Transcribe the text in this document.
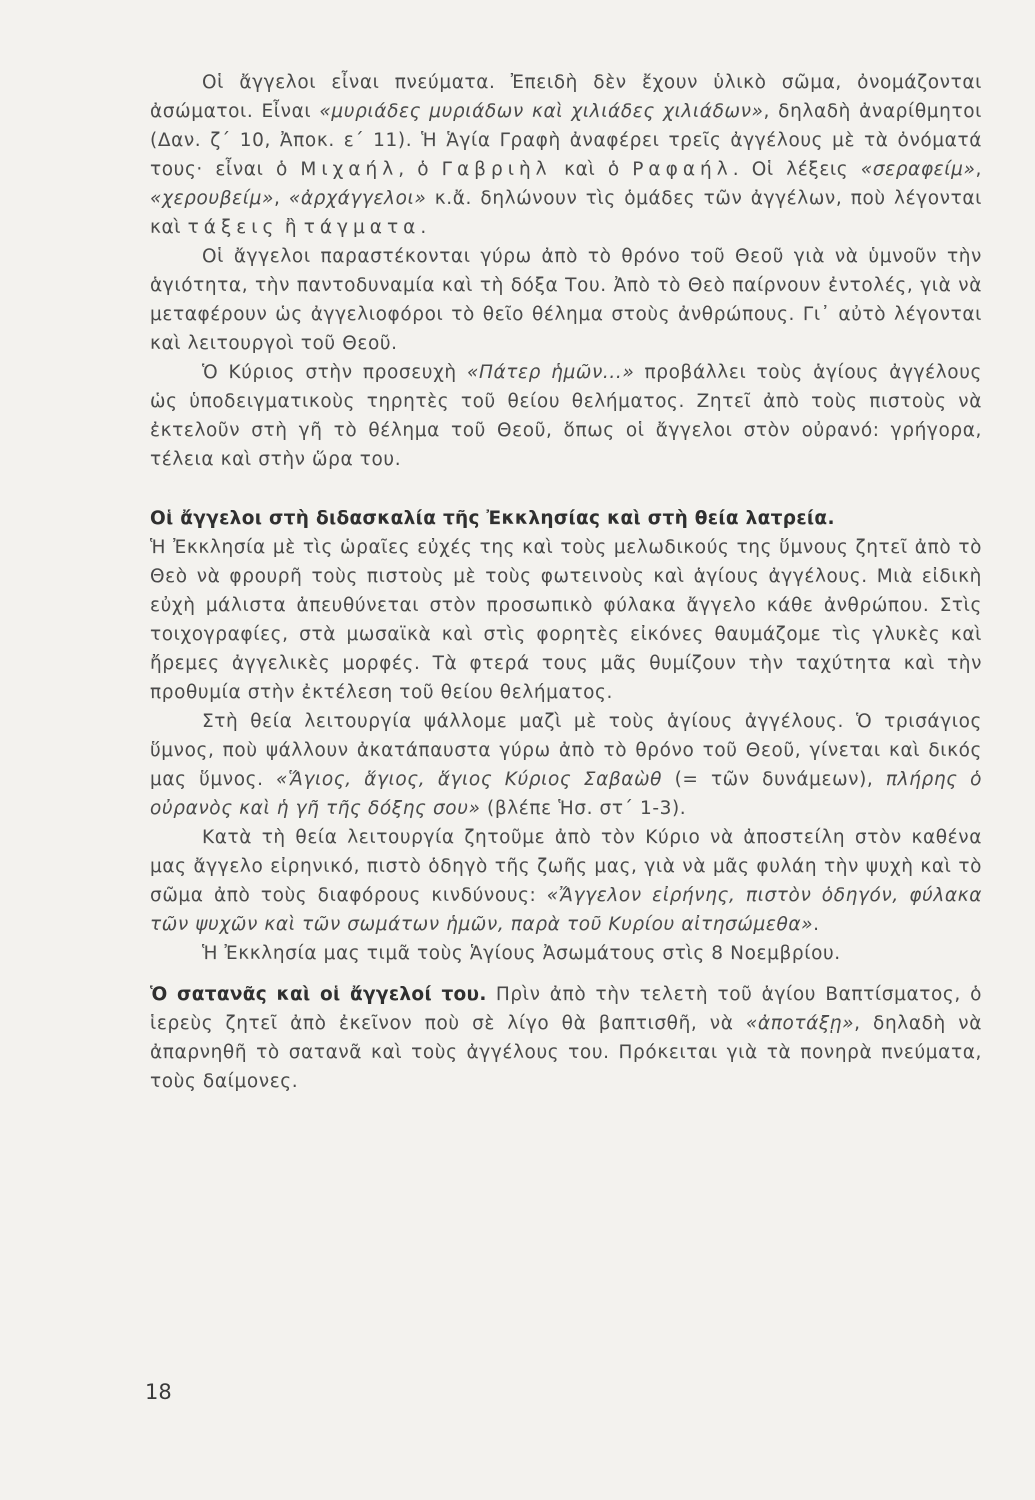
Οἱ ἄγγελοι εἶναι πνεύματα. Ἐπειδὴ δὲν ἔχουν ὑλικὸ σῶμα, ὀνομάζονται ἀσώματοι. Εἶναι «μυριάδες μυριάδων καὶ χιλιάδες χιλιάδων», δηλαδὴ ἀναρίθμητοι (Δαν. ζ΄ 10, Ἀποκ. ε΄ 11). Ἡ Ἁγία Γραφὴ ἀναφέρει τρεῖς ἀγγέλους μὲ τὰ ὀνόματά τους· εἶναι ὁ Μιχαήλ, ὁ Γαβριὴλ καὶ ὁ Ραφαήλ. Οἱ λέξεις «σεραφείμ», «χερουβείμ», «ἀρχάγγελοι» κ.ἄ. δηλώνουν τὶς ὁμάδες τῶν ἀγγέλων, ποὺ λέγονται καὶ τάξεις ἢ τάγματα.

Οἱ ἄγγελοι παραστέκονται γύρω ἀπὸ τὸ θρόνο τοῦ Θεοῦ γιὰ νὰ ὑμνοῦν τὴν ἁγιότητα, τὴν παντοδυναμία καὶ τὴ δόξα Του. Ἀπὸ τὸ Θεὸ παίρνουν ἐντολές, γιὰ νὰ μεταφέρουν ὡς ἀγγελιοφόροι τὸ θεῖο θέλημα στοὺς ἀνθρώπους. Γι᾽ αὐτὸ λέγονται καὶ λειτουργοὶ τοῦ Θεοῦ.

Ὁ Κύριος στὴν προσευχὴ «Πάτερ ἡμῶν...» προβάλλει τοὺς ἁγίους ἀγγέλους ὡς ὑποδειγματικοὺς τηρητὲς τοῦ θείου θελήματος. Ζητεῖ ἀπὸ τοὺς πιστοὺς νὰ ἐκτελοῦν στὴ γῆ τὸ θέλημα τοῦ Θεοῦ, ὅπως οἱ ἄγγελοι στὸν οὐρανό: γρήγορα, τέλεια καὶ στὴν ὥρα του.

Οἱ ἄγγελοι στὴ διδασκαλία τῆς Ἐκκλησίας καὶ στὴ θεία λατρεία.
Ἡ Ἐκκλησία μὲ τὶς ὡραῖες εὐχές της καὶ τοὺς μελωδικούς της ὕμνους ζητεῖ ἀπὸ τὸ Θεὸ νὰ φρουρῆ τοὺς πιστοὺς μὲ τοὺς φωτεινοὺς καὶ ἁγίους ἀγγέλους. Μιὰ εἰδικὴ εὐχὴ μάλιστα ἀπευθύνεται στὸν προσωπικὸ φύλακα ἄγγελο κάθε ἀνθρώπου. Στὶς τοιχογραφίες, στὰ μωσαϊκὰ καὶ στὶς φορητὲς εἰκόνες θαυμάζομε τὶς γλυκὲς καὶ ἤρεμες ἀγγελικὲς μορφές. Τὰ φτερά τους μᾶς θυμίζουν τὴν ταχύτητα καὶ τὴν προθυμία στὴν ἐκτέλεση τοῦ θείου θελήματος.

Στὴ θεία λειτουργία ψάλλομε μαζὶ μὲ τοὺς ἁγίους ἀγγέλους. Ὁ τρισάγιος ὕμνος, ποὺ ψάλλουν ἀκατάπαυστα γύρω ἀπὸ τὸ θρόνο τοῦ Θεοῦ, γίνεται καὶ δικός μας ὕμνος. «Ἅγιος, ἅγιος, ἅγιος Κύριος Σαβαὼθ (= τῶν δυνάμεων), πλήρης ὁ οὐρανὸς καὶ ἡ γῆ τῆς δόξης σου» (βλέπε Ἡσ. στ΄ 1-3).

Κατὰ τὴ θεία λειτουργία ζητοῦμε ἀπὸ τὸν Κύριο νὰ ἀποστείλη στὸν καθένα μας ἄγγελο εἰρηνικό, πιστὸ ὁδηγὸ τῆς ζωῆς μας, γιὰ νὰ μᾶς φυλάη τὴν ψυχὴ καὶ τὸ σῶμα ἀπὸ τοὺς διαφόρους κινδύνους: «Ἄγγελον εἰρήνης, πιστὸν ὁδηγόν, φύλακα τῶν ψυχῶν καὶ τῶν σωμάτων ἡμῶν, παρὰ τοῦ Κυρίου αἰτησώμεθα».

Ἡ Ἐκκλησία μας τιμᾶ τοὺς Ἁγίους Ἀσωμάτους στὶς 8 Νοεμβρίου.

Ὁ σατανᾶς καὶ οἱ ἄγγελοί του. Πρὶν ἀπὸ τὴν τελετὴ τοῦ ἁγίου Βαπτίσματος, ὁ ἱερεὺς ζητεῖ ἀπὸ ἐκεῖνον ποὺ σὲ λίγο θὰ βαπτισθῆ, νὰ «ἀποτάξῃ», δηλαδὴ νὰ ἀπαρνηθῆ τὸ σατανᾶ καὶ τοὺς ἀγγέλους του. Πρόκειται γιὰ τὰ πονηρὰ πνεύματα, τοὺς δαίμονες.

18
